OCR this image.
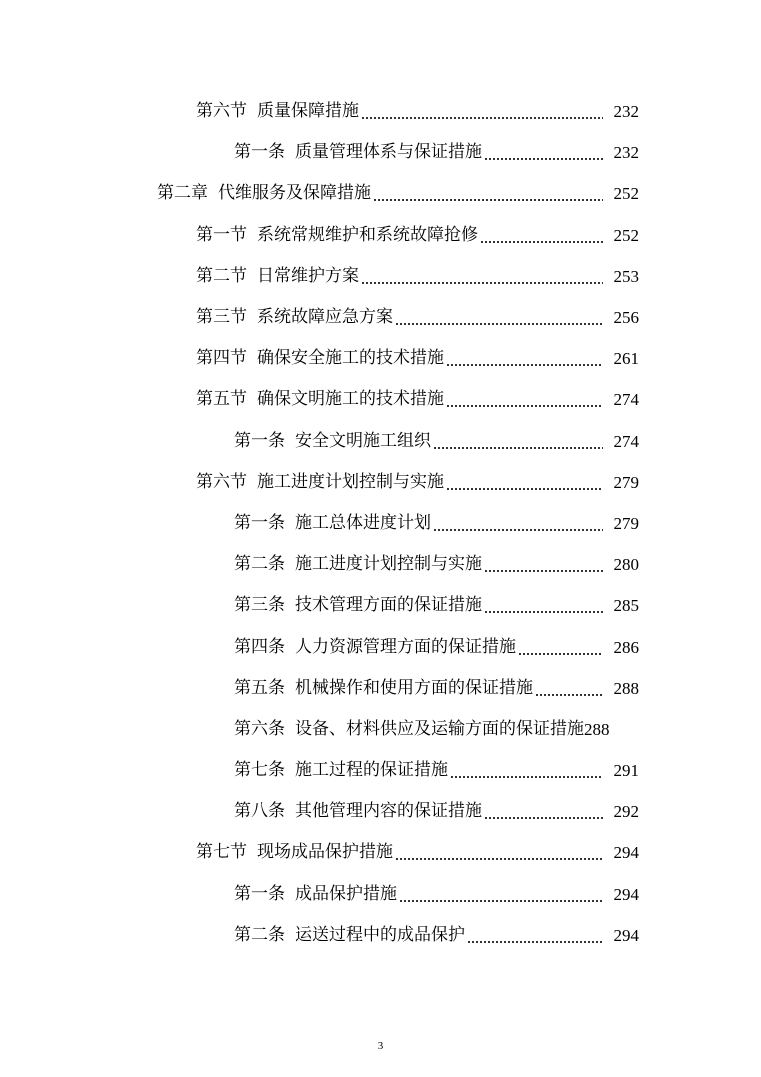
第六节 质量保障措施	232
第一条 质量管理体系与保证措施	232
第二章 代维服务及保障措施	252
第一节 系统常规维护和系统故障抢修	252
第二节 日常维护方案	253
第三节 系统故障应急方案	256
第四节 确保安全施工的技术措施	261
第五节 确保文明施工的技术措施	274
第一条 安全文明施工组织	274
第六节 施工进度计划控制与实施	279
第一条 施工总体进度计划	279
第二条 施工进度计划控制与实施	280
第三条 技术管理方面的保证措施	285
第四条 人力资源管理方面的保证措施	286
第五条 机械操作和使用方面的保证措施	288
第六条 设备、材料供应及运输方面的保证措施 288
第七条 施工过程的保证措施	291
第八条 其他管理内容的保证措施	292
第七节 现场成品保护措施	294
第一条 成品保护措施	294
第二条 运送过程中的成品保护	294
3
